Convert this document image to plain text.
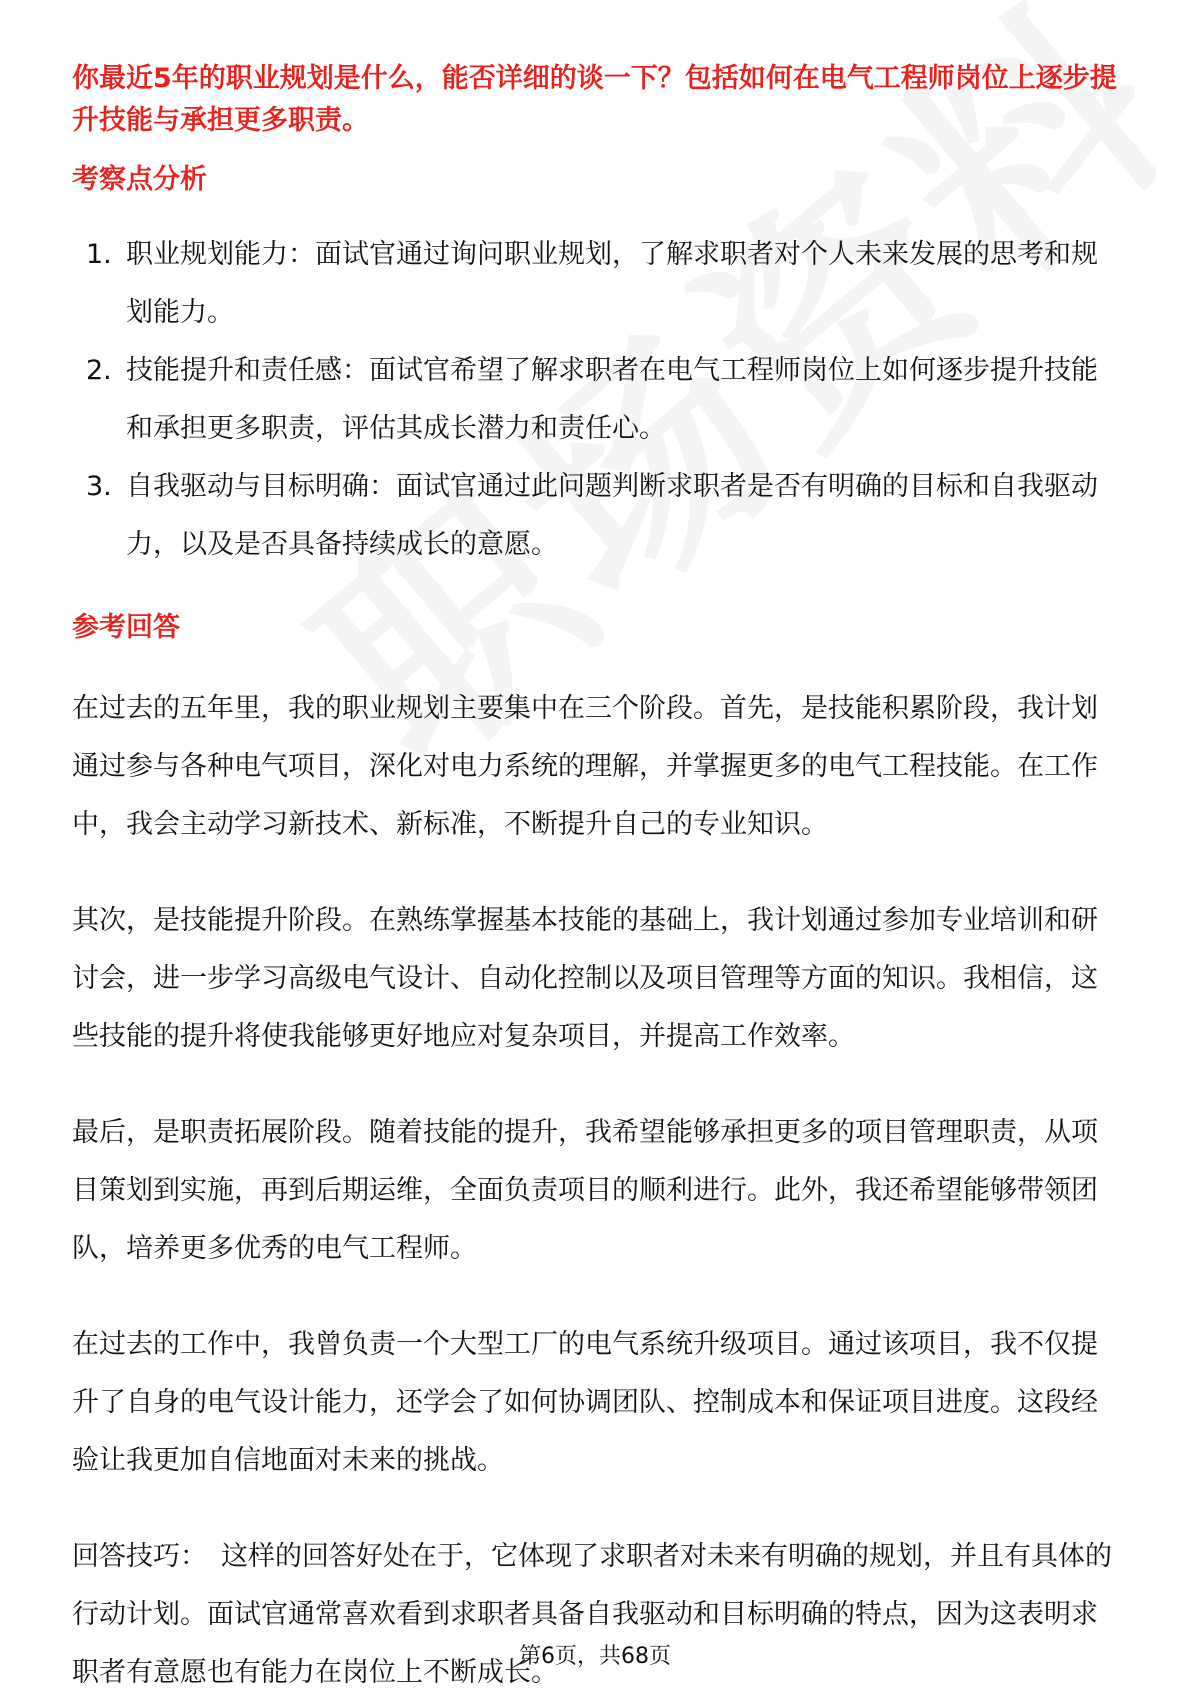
你最近5年的职业规划是什么，能否详细的谈一下？包括如何在电气工程师岗位上逐步提升技能与承担更多职责。

考察点分析
1. 职业规划能力：面试官通过询问职业规划，了解求职者对个人未来发展的思考和规划能力。
2. 技能提升和责任感：面试官希望了解求职者在电气工程师岗位上如何逐步提升技能和承担更多职责，评估其成长潜力和责任心。
3. 自我驱动与目标明确：面试官通过此问题判断求职者是否有明确的目标和自我驱动力，以及是否具备持续成长的意愿。
参考回答

在过去的五年里，我的职业规划主要集中在三个阶段。首先，是技能积累阶段，我计划通过参与各种电气项目，深化对电力系统的理解，并掌握更多的电气工程技能。在工作中，我会主动学习新技术、新标准，不断提升自己的专业知识。

其次，是技能提升阶段。在熟练掌握基本技能的基础上，我计划通过参加专业培训和研讨会，进一步学习高级电气设计、自动化控制以及项目管理等方面的知识。我相信，这些技能的提升将使我能够更好地应对复杂项目，并提高工作效率。

最后，是职责拓展阶段。随着技能的提升，我希望能够承担更多的项目管理职责，从项目策划到实施，再到后期运维，全面负责项目的顺利进行。此外，我还希望能够带领团队，培养更多优秀的电气工程师。

在过去的工作中，我曾负责一个大型工厂的电气系统升级项目。通过该项目，我不仅提升了自身的电气设计能力，还学会了如何协调团队、控制成本和保证项目进度。这段经验让我更加自信地面对未来的挑战。

回答技巧： 这样的回答好处在于，它体现了求职者对未来有明确的规划，并且有具体的行动计划。面试官通常喜欢看到求职者具备自我驱动和目标明确的特点，因为这表明求职者有意愿也有能力在岗位上不断成长。

第6页，共68页
